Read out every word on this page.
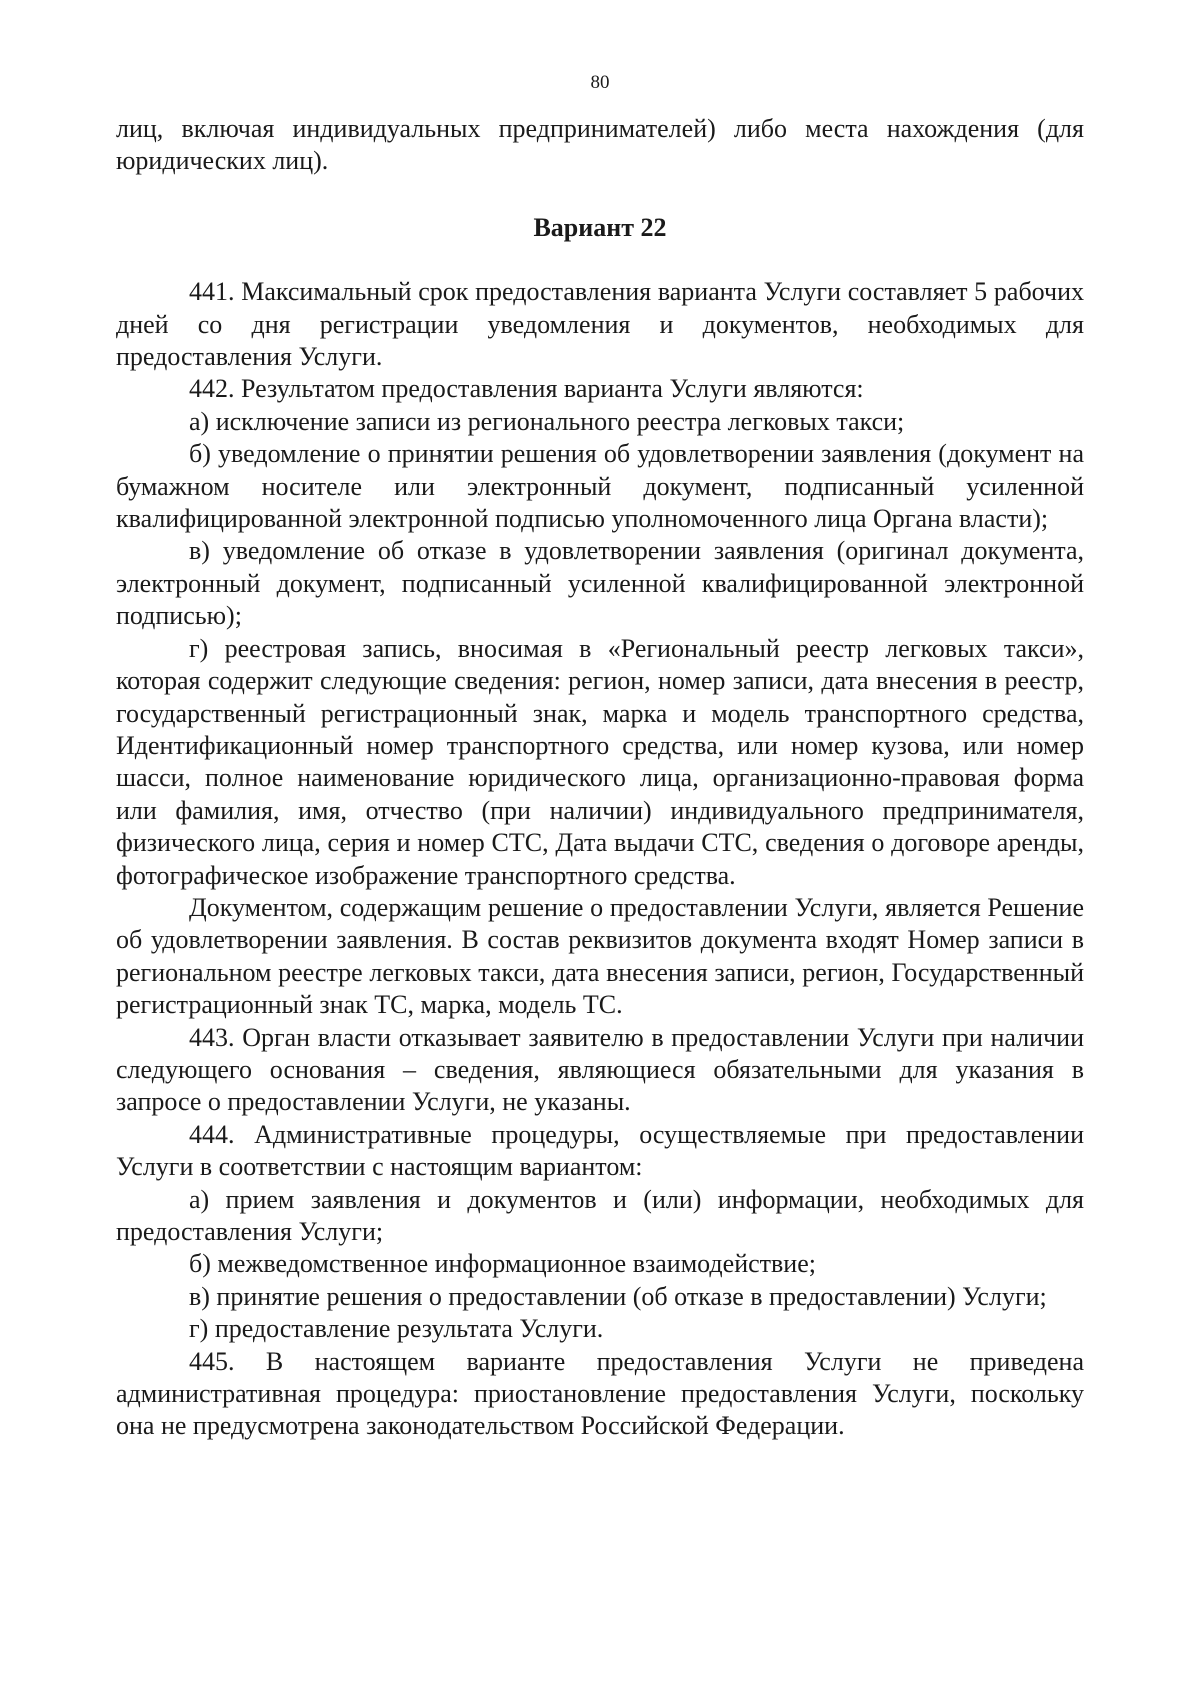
80

лиц, включая индивидуальных предпринимателей) либо места нахождения (для юридических лиц).

Вариант 22

441. Максимальный срок предоставления варианта Услуги составляет 5 рабочих дней со дня регистрации уведомления и документов, необходимых для предоставления Услуги.

442. Результатом предоставления варианта Услуги являются:

а) исключение записи из регионального реестра легковых такси;

б) уведомление о принятии решения об удовлетворении заявления (документ на бумажном носителе или электронный документ, подписанный усиленной квалифицированной электронной подписью уполномоченного лица Органа власти);

в) уведомление об отказе в удовлетворении заявления (оригинал документа, электронный документ, подписанный усиленной квалифицированной электронной подписью);

г) реестровая запись, вносимая в «Региональный реестр легковых такси», которая содержит следующие сведения: регион, номер записи, дата внесения в реестр, государственный регистрационный знак, марка и модель транспортного средства, Идентификационный номер транспортного средства, или номер кузова, или номер шасси, полное наименование юридического лица, организационно-правовая форма или фамилия, имя, отчество (при наличии) индивидуального предпринимателя, физического лица, серия и номер СТС, Дата выдачи СТС, сведения о договоре аренды, фотографическое изображение транспортного средства.

Документом, содержащим решение о предоставлении Услуги, является Решение об удовлетворении заявления. В состав реквизитов документа входят Номер записи в региональном реестре легковых такси, дата внесения записи, регион, Государственный регистрационный знак ТС, марка, модель ТС.

443. Орган власти отказывает заявителю в предоставлении Услуги при наличии следующего основания – сведения, являющиеся обязательными для указания в запросе о предоставлении Услуги, не указаны.

444. Административные процедуры, осуществляемые при предоставлении Услуги в соответствии с настоящим вариантом:

а) прием заявления и документов и (или) информации, необходимых для предоставления Услуги;

б) межведомственное информационное взаимодействие;

в) принятие решения о предоставлении (об отказе в предоставлении) Услуги;

г) предоставление результата Услуги.

445. В настоящем варианте предоставления Услуги не приведена административная процедура: приостановление предоставления Услуги, поскольку она не предусмотрена законодательством Российской Федерации.
